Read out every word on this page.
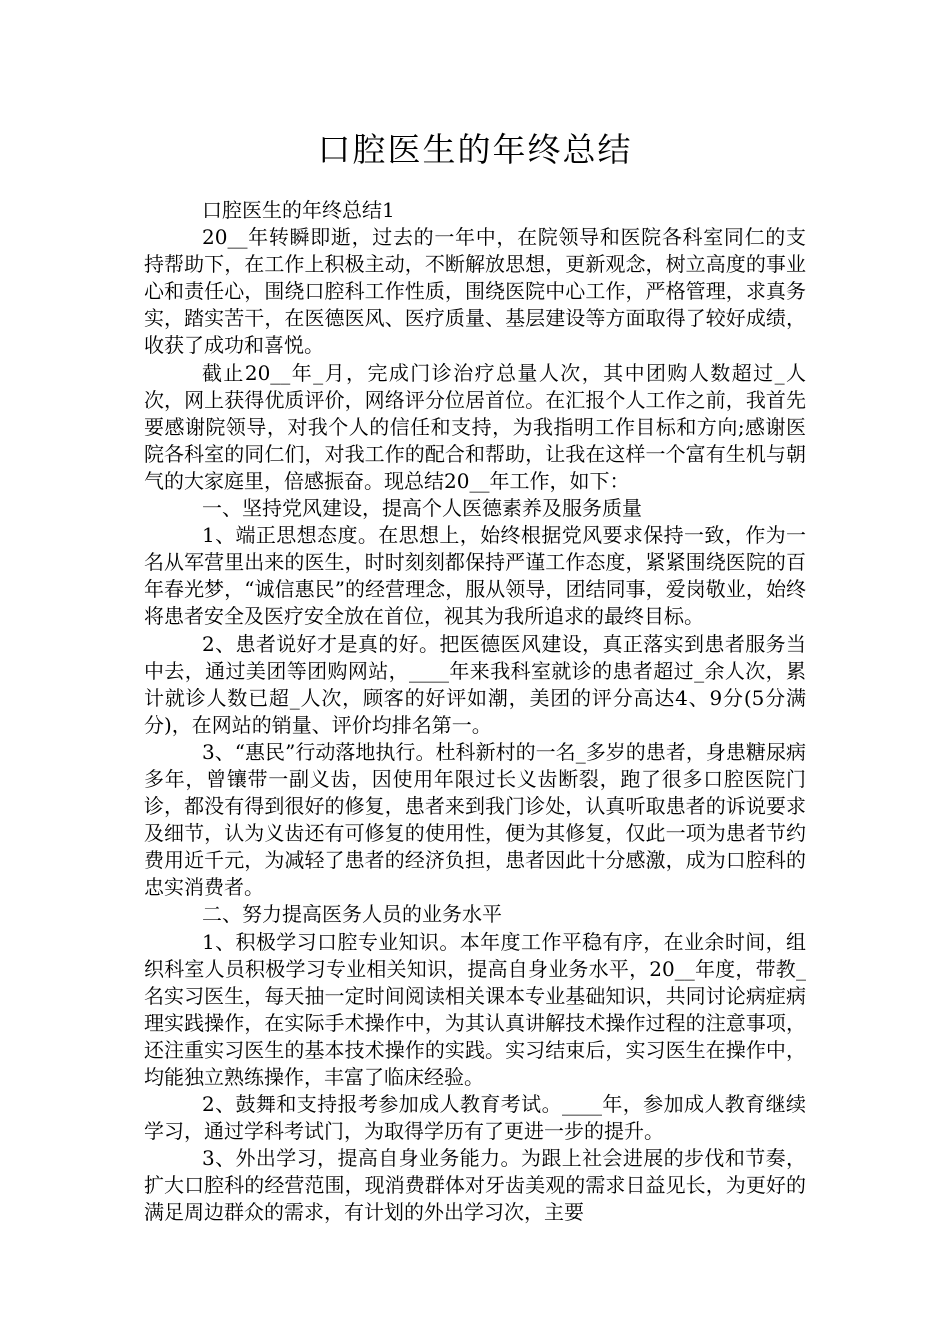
口腔医生的年终总结

口腔医生的年终总结1

20__年转瞬即逝，过去的一年中，在院领导和医院各科室同仁的支持帮助下，在工作上积极主动，不断解放思想，更新观念，树立高度的事业心和责任心，围绕口腔科工作性质，围绕医院中心工作，严格管理，求真务实，踏实苦干，在医德医风、医疗质量、基层建设等方面取得了较好成绩，收获了成功和喜悦。

截止20__年_月，完成门诊治疗总量人次，其中团购人数超过_人次，网上获得优质评价，网络评分位居首位。在汇报个人工作之前，我首先要感谢院领导，对我个人的信任和支持，为我指明工作目标和方向;感谢医院各科室的同仁们，对我工作的配合和帮助，让我在这样一个富有生机与朝气的大家庭里，倍感振奋。现总结20__年工作，如下：

一、坚持党风建设，提高个人医德素养及服务质量

1、端正思想态度。在思想上，始终根据党风要求保持一致，作为一名从军营里出来的医生，时时刻刻都保持严谨工作态度，紧紧围绕医院的百年春光梦，“诚信惠民”的经营理念，服从领导，团结同事，爱岗敬业，始终将患者安全及医疗安全放在首位，视其为我所追求的最终目标。

2、患者说好才是真的好。把医德医风建设，真正落实到患者服务当中去，通过美团等团购网站，____年来我科室就诊的患者超过_余人次，累计就诊人数已超_人次，顾客的好评如潮，美团的评分高达4、9分(5分满分)，在网站的销量、评价均排名第一。

3、“惠民”行动落地执行。杜科新村的一名_多岁的患者，身患糖尿病多年，曾镶带一副义齿，因使用年限过长义齿断裂，跑了很多口腔医院门诊，都没有得到很好的修复，患者来到我门诊处，认真听取患者的诉说要求及细节，认为义齿还有可修复的使用性，便为其修复，仅此一项为患者节约费用近千元，为减轻了患者的经济负担，患者因此十分感激，成为口腔科的忠实消费者。

二、努力提高医务人员的业务水平

1、积极学习口腔专业知识。本年度工作平稳有序，在业余时间，组织科室人员积极学习专业相关知识，提高自身业务水平，20__年度，带教_名实习医生，每天抽一定时间阅读相关课本专业基础知识，共同讨论病症病理实践操作，在实际手术操作中，为其认真讲解技术操作过程的注意事项，还注重实习医生的基本技术操作的实践。实习结束后，实习医生在操作中，均能独立熟练操作，丰富了临床经验。

2、鼓舞和支持报考参加成人教育考试。____年，参加成人教育继续学习，通过学科考试门，为取得学历有了更进一步的提升。

3、外出学习，提高自身业务能力。为跟上社会进展的步伐和节奏，扩大口腔科的经营范围，现消费群体对牙齿美观的需求日益见长，为更好的满足周边群众的需求，有计划的外出学习次，主要
